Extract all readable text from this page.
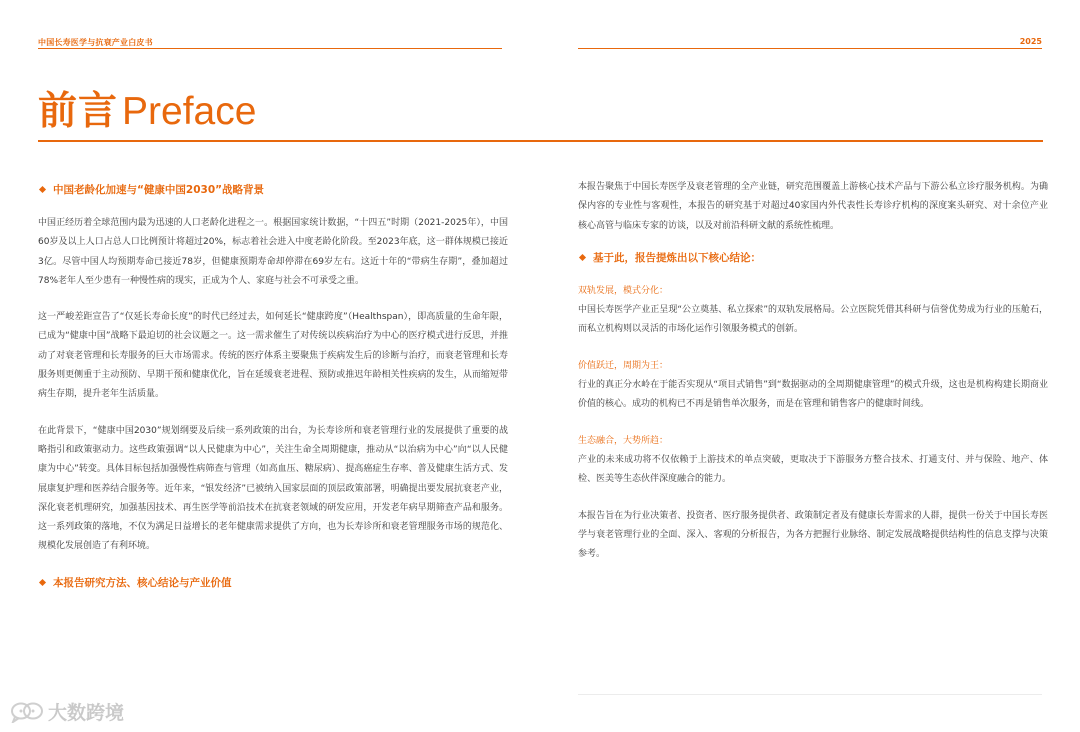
中国长寿医学与抗衰产业白皮书	2025
前言 Preface
中国老龄化加速与“健康中国2030”战略背景

中国正经历着全球范围内最为迅速的人口老龄化进程之一。根据国家统计数据，“十四五”时期（2021-2025年），中国60岁及以上人口占总人口比例预计将超过20%，标志着社会进入中度老龄化阶段。至2023年底，这一群体规模已接近3亿。尽管中国人均预期寿命已接近78岁，但健康预期寿命却停滞在69岁左右。这近十年的“带病生存期”，叠加超过78%老年人至少患有一种慢性病的现实，正成为个人、家庭与社会不可承受之重。

这一严峻差距宣告了“仅延长寿命长度”的时代已经过去，如何延长“健康跨度”（Healthspan），即高质量的生命年限，已成为“健康中国”战略下最迫切的社会议题之一。这一需求催生了对传统以疾病治疗为中心的医疗模式进行反思，并推动了对衰老管理和长寿服务的巨大市场需求。传统的医疗体系主要聚焦于疾病发生后的诊断与治疗，而衰老管理和长寿服务则更侧重于主动预防、早期干预和健康优化，旨在延缓衰老进程、预防或推迟年龄相关性疾病的发生，从而缩短带病生存期，提升老年生活质量。

在此背景下，“健康中国2030”规划纲要及后续一系列政策的出台，为长寿诊所和衰老管理行业的发展提供了重要的战略指引和政策驱动力。这些政策强调“以人民健康为中心”，关注生命全周期健康，推动从“以治病为中心”向“以人民健康为中心”转变。具体目标包括加强慢性病筛查与管理（如高血压、糖尿病）、提高癌症生存率、普及健康生活方式、发展康复护理和医养结合服务等。近年来，“银发经济”已被纳入国家层面的顶层政策部署，明确提出要发展抗衰老产业，深化衰老机理研究，加强基因技术、再生医学等前沿技术在抗衰老领域的研发应用，开发老年病早期筛查产品和服务。这一系列政策的落地，不仅为满足日益增长的老年健康需求提供了方向，也为长寿诊所和衰老管理服务市场的规范化、规模化发展创造了有利环境。

本报告研究方法、核心结论与产业价值

本报告聚焦于中国长寿医学及衰老管理的全产业链，研究范围覆盖上游核心技术产品与下游公私立诊疗服务机构。为确保内容的专业性与客观性，本报告的研究基于对超过40家国内外代表性长寿诊疗机构的深度案头研究、对十余位产业核心高管与临床专家的访谈，以及对前沿科研文献的系统性梳理。

基于此，报告提炼出以下核心结论：

双轨发展，模式分化：

中国长寿医学产业正呈现“公立奠基、私立探索”的双轨发展格局。公立医院凭借其科研与信誉优势成为行业的压舱石，而私立机构则以灵活的市场化运作引领服务模式的创新。

价值跃迁，周期为王：

行业的真正分水岭在于能否实现从“项目式销售”到“数据驱动的全周期健康管理”的模式升级，这也是机构构建长期商业价值的核心。成功的机构已不再是销售单次服务，而是在管理和销售客户的健康时间线。

生态融合，大势所趋：

产业的未来成功将不仅依赖于上游技术的单点突破，更取决于下游服务方整合技术、打通支付、并与保险、地产、体检、医美等生态伙伴深度融合的能力。

本报告旨在为行业决策者、投资者、医疗服务提供者、政策制定者及有健康长寿需求的人群，提供一份关于中国长寿医学与衰老管理行业的全面、深入、客观的分析报告，为各方把握行业脉络、制定发展战略提供结构性的信息支撑与决策参考。

大数跨境
